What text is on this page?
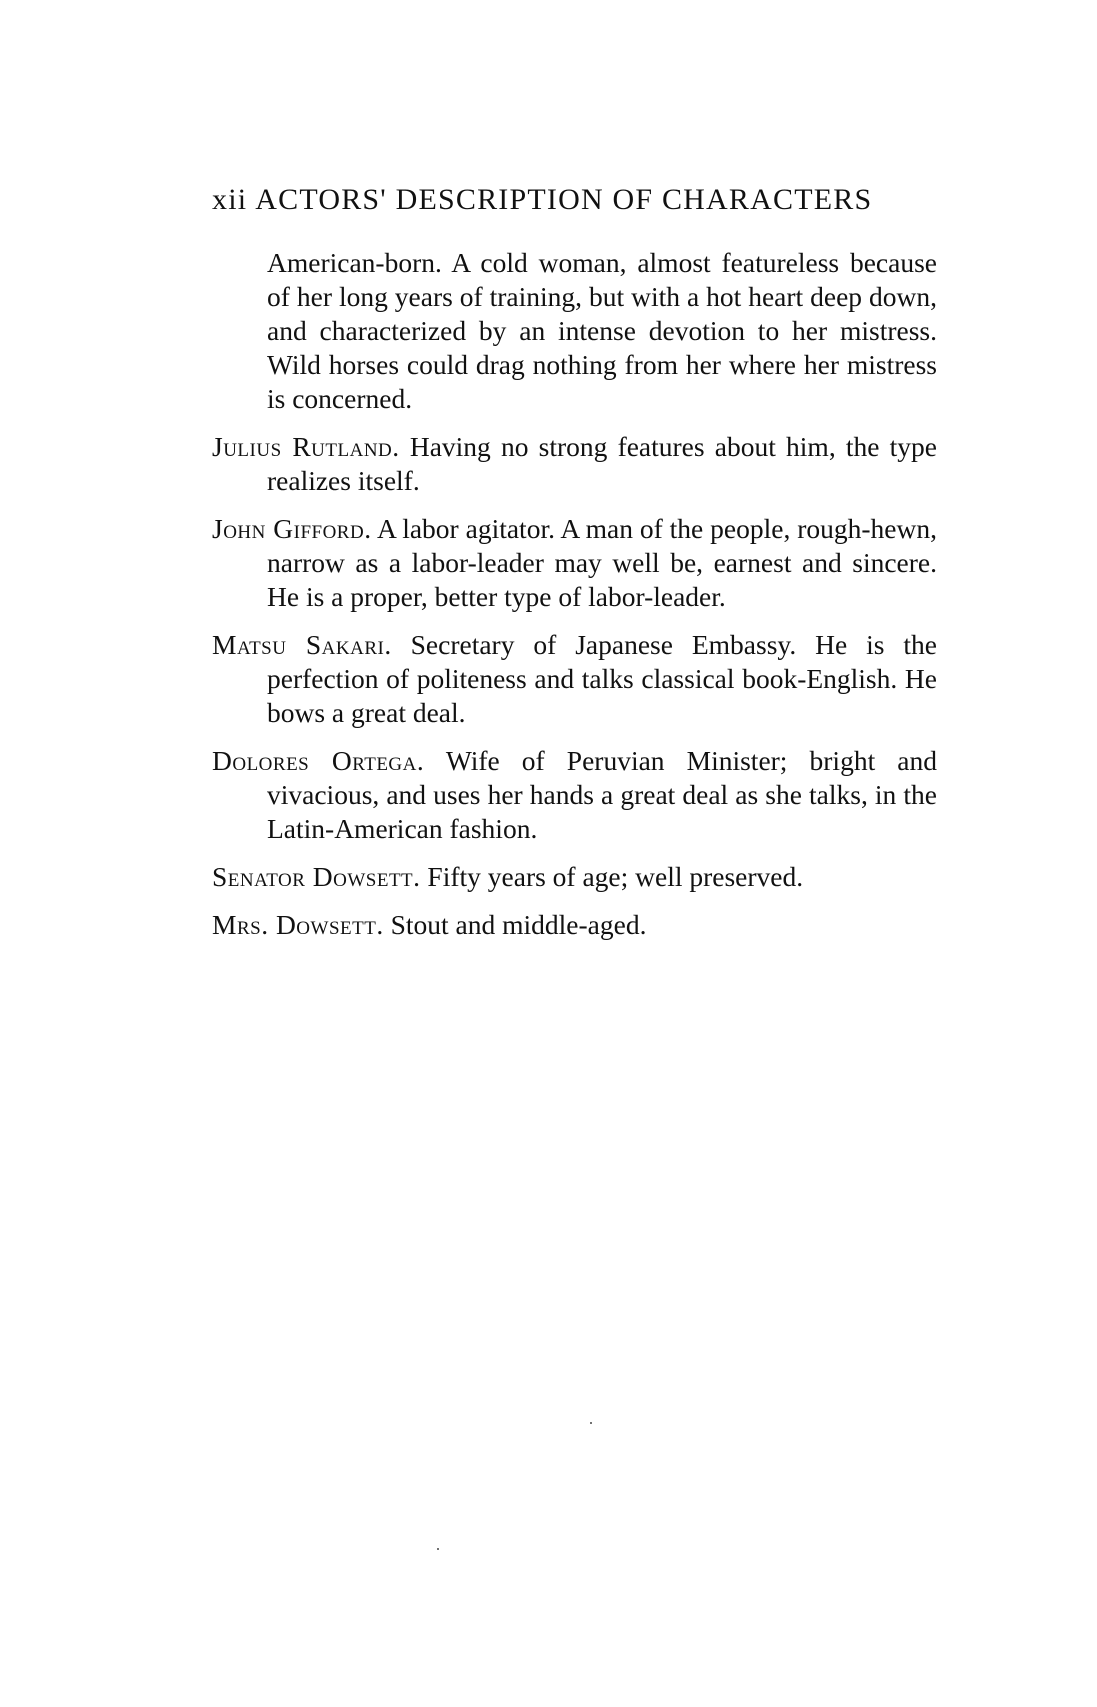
xii ACTORS' DESCRIPTION OF CHARACTERS

American-born. A cold woman, almost featureless because of her long years of training, but with a hot heart deep down, and characterized by an intense devotion to her mistress. Wild horses could drag nothing from her where her mistress is concerned.

Julius Rutland. Having no strong features about him, the type realizes itself.

John Gifford. A labor agitator. A man of the people, rough-hewn, narrow as a labor-leader may well be, earnest and sincere. He is a proper, better type of labor-leader.

Matsu Sakari. Secretary of Japanese Embassy. He is the perfection of politeness and talks classical book-English. He bows a great deal.

Dolores Ortega. Wife of Peruvian Minister; bright and vivacious, and uses her hands a great deal as she talks, in the Latin-American fashion.

Senator Dowsett. Fifty years of age; well preserved.

Mrs. Dowsett. Stout and middle-aged.
